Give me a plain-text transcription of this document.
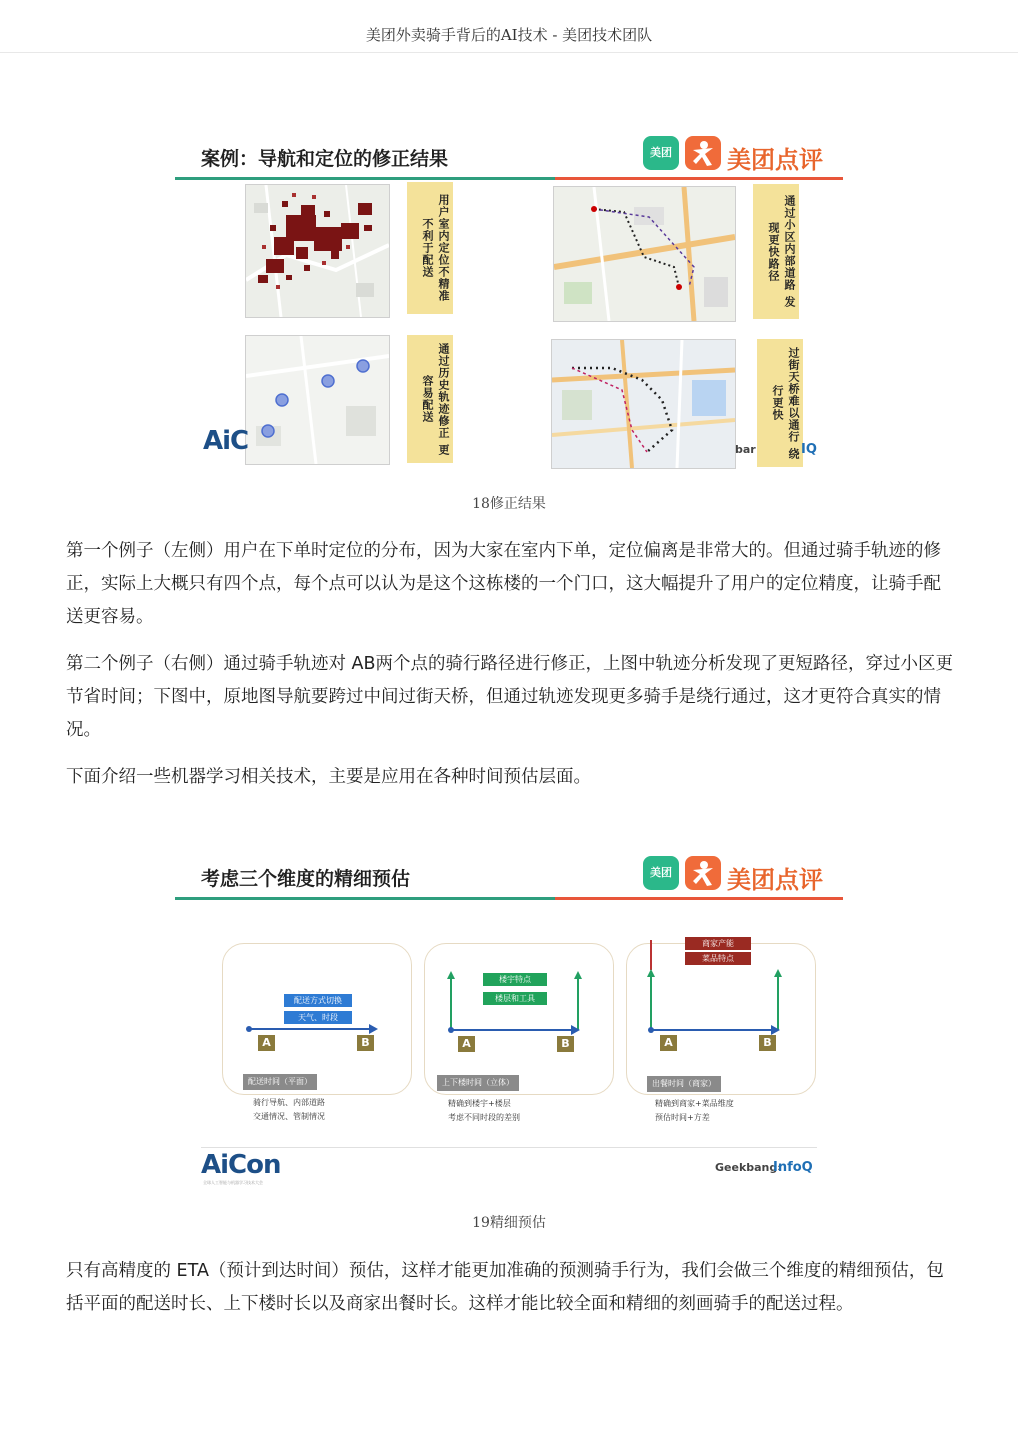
美团外卖骑手背后的AI技术 - 美团技术团队
案例：导航和定位的修正结果	美团 美团点评
用户室内定位不精准 不利于配送
通过历史轨迹修正 更容易配送
通过小区内部道路 发现更快路径
过街天桥难以通行 绕行更快
AiC	bar	IQ
18修正结果
第一个例子（左侧）用户在下单时定位的分布，因为大家在室内下单，定位偏离是非常大的。但通过骑手轨迹的修正，实际上大概只有四个点，每个点可以认为是这个这栋楼的一个门口，这大幅提升了用户的定位精度，让骑手配送更容易。
第二个例子（右侧）通过骑手轨迹对 AB两个点的骑行路径进行修正，上图中轨迹分析发现了更短路径，穿过小区更节省时间；下图中，原地图导航要跨过中间过街天桥，但通过轨迹发现更多骑手是绕行通过，这才更符合真实的情况。
下面介绍一些机器学习相关技术，主要是应用在各种时间预估层面。
考虑三个维度的精细预估	美团 美团点评
配送方式切换
天气、时段
A	B
配送时间（平面）
骑行导航、内部道路
交通情况、管制情况
楼宇特点
楼层和工具
A	B
上下楼时间（立体）
精确到楼宇+楼层
考虑不同时段的差别
商家产能
菜品特点
A	B
出餐时间（商家）
精确到商家+菜品维度
预估时间+方差
AiCon
全球人工智能与机器学习技术大会
Geekbang›
InfoQ
19精细预估
只有高精度的 ETA（预计到达时间）预估，这样才能更加准确的预测骑手行为，我们会做三个维度的精细预估，包括平面的配送时长、上下楼时长以及商家出餐时长。这样才能比较全面和精细的刻画骑手的配送过程。
